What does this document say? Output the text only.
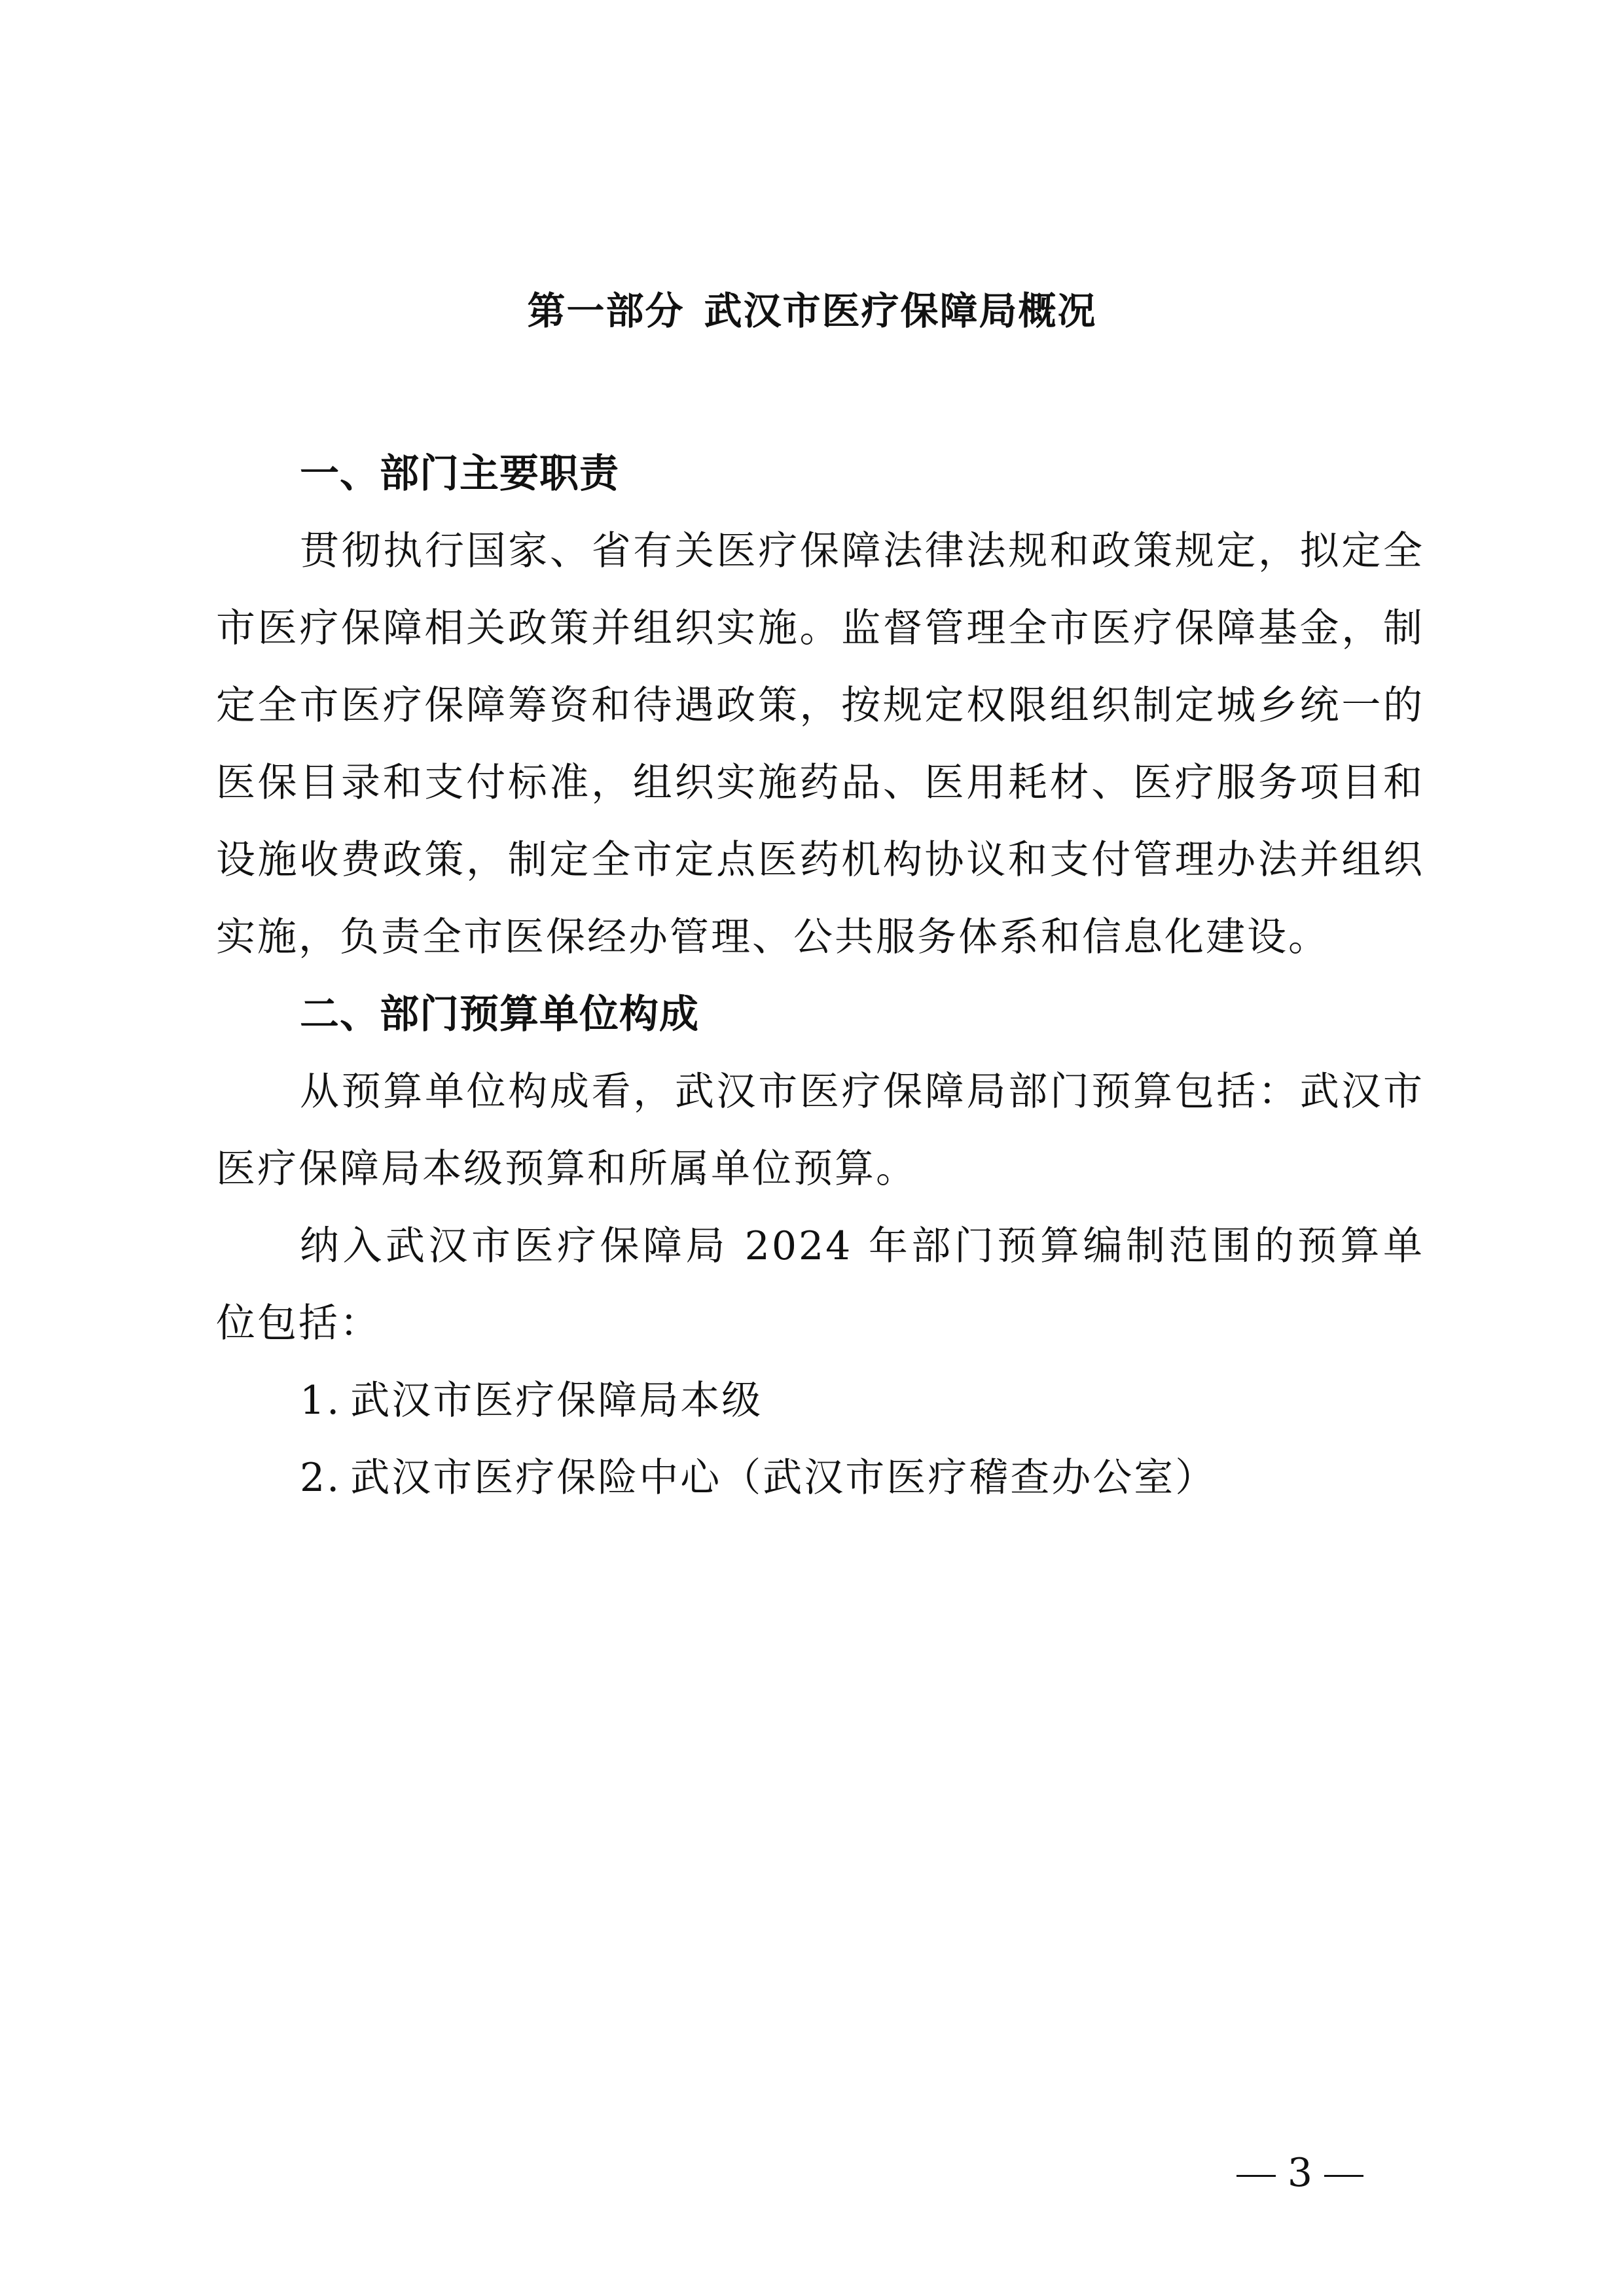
第一部分 武汉市医疗保障局概况

一、部门主要职责

贯彻执行国家、省有关医疗保障法律法规和政策规定，拟定全市医疗保障相关政策并组织实施。监督管理全市医疗保障基金，制定全市医疗保障筹资和待遇政策，按规定权限组织制定城乡统一的医保目录和支付标准，组织实施药品、医用耗材、医疗服务项目和设施收费政策，制定全市定点医药机构协议和支付管理办法并组织实施，负责全市医保经办管理、公共服务体系和信息化建设。

二、部门预算单位构成

从预算单位构成看，武汉市医疗保障局部门预算包括：武汉市医疗保障局本级预算和所属单位预算。

纳入武汉市医疗保障局 2024 年部门预算编制范围的预算单位包括：

1. 武汉市医疗保障局本级

2. 武汉市医疗保险中心（武汉市医疗稽查办公室）

3
